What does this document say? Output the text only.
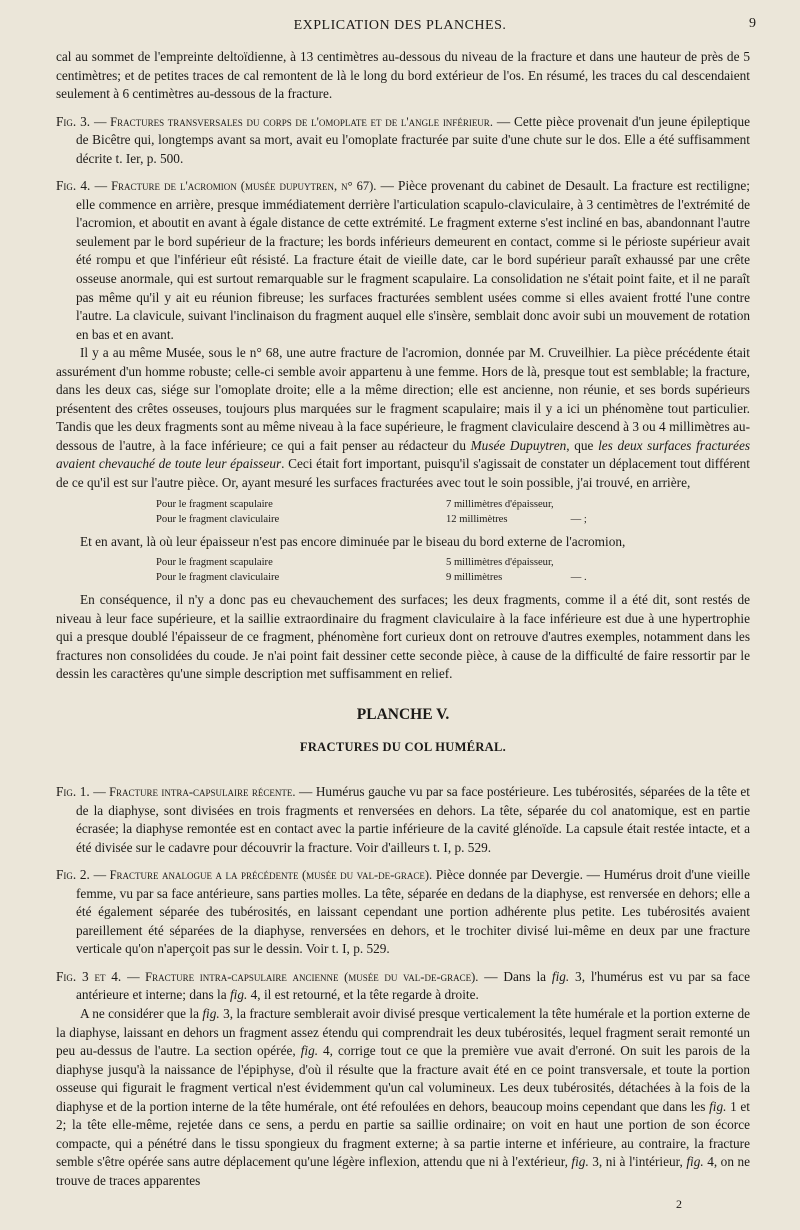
EXPLICATION DES PLANCHES.	9

cal au sommet de l'empreinte deltoïdienne, à 13 centimètres au-dessous du niveau de la fracture et dans une hauteur de près de 5 centimètres; et de petites traces de cal remontent de là le long du bord extérieur de l'os. En résumé, les traces du cal descendaient seulement à 6 centimètres au-dessous de la fracture.

Fig. 3. — Fractures transversales du corps de l'omoplate et de l'angle inférieur. — Cette pièce provenait d'un jeune épileptique de Bicêtre qui, longtemps avant sa mort, avait eu l'omoplate fracturée par suite d'une chute sur le dos. Elle a été suffisamment décrite t. Ier, p. 500.

Fig. 4. — Fracture de l'acromion (musée dupuytren, n° 67). — Pièce provenant du cabinet de Desault. La fracture est rectiligne; elle commence en arrière, presque immédiatement derrière l'articulation scapulo-claviculaire, à 3 centimètres de l'extrémité de l'acromion, et aboutit en avant à égale distance de cette extrémité. Le fragment externe s'est incliné en bas, abandonnant l'autre seulement par le bord supérieur de la fracture; les bords inférieurs demeurent en contact, comme si le périoste supérieur avait été rompu et que l'inférieur eût résisté. La fracture était de vieille date, car le bord supérieur paraît exhaussé par une crête osseuse anormale, qui est surtout remarquable sur le fragment scapulaire. La consolidation ne s'était point faite, et il ne paraît pas même qu'il y ait eu réunion fibreuse; les surfaces fracturées semblent usées comme si elles avaient frotté l'une contre l'autre. La clavicule, suivant l'inclinaison du fragment auquel elle s'insère, semblait donc avoir subi un mouvement de rotation en bas et en avant.

Il y a au même Musée, sous le n° 68, une autre fracture de l'acromion, donnée par M. Cruveilhier. La pièce précédente était assurément d'un homme robuste; celle-ci semble avoir appartenu à une femme. Hors de là, presque tout est semblable; la fracture, dans les deux cas, siége sur l'omoplate droite; elle a la même direction; elle est ancienne, non réunie, et ses bords supérieurs présentent des crêtes osseuses, toujours plus marquées sur le fragment scapulaire; mais il y a ici un phénomène tout particulier. Tandis que les deux fragments sont au même niveau à la face supérieure, le fragment claviculaire descend à 3 ou 4 millimètres au-dessous de l'autre, à la face inférieure; ce qui a fait penser au rédacteur du Musée Dupuytren, que les deux surfaces fracturées avaient chevauché de toute leur épaisseur. Ceci était fort important, puisqu'il s'agissait de constater un déplacement tout différent de ce qu'il est sur l'autre pièce. Or, ayant mesuré les surfaces fracturées avec tout le soin possible, j'ai trouvé, en arrière,

Pour le fragment scapulaire	7 millimètres d'épaisseur,	
Pour le fragment claviculaire	12 millimètres	— ;

Et en avant, là où leur épaisseur n'est pas encore diminuée par le biseau du bord externe de l'acromion,

Pour le fragment scapulaire	5 millimètres d'épaisseur,	
Pour le fragment claviculaire	9 millimètres	— .

En conséquence, il n'y a donc pas eu chevauchement des surfaces; les deux fragments, comme il a été dit, sont restés de niveau à leur face supérieure, et la saillie extraordinaire du fragment claviculaire à la face inférieure est due à une hypertrophie qui a presque doublé l'épaisseur de ce fragment, phénomène fort curieux dont on retrouve d'autres exemples, notamment dans les fractures non consolidées du coude. Je n'ai point fait dessiner cette seconde pièce, à cause de la difficulté de faire ressortir par le dessin les caractères qu'une simple description met suffisamment en relief.

PLANCHE V.
FRACTURES DU COL HUMÉRAL.

Fig. 1. — Fracture intra-capsulaire récente. — Humérus gauche vu par sa face postérieure. Les tubérosités, séparées de la tête et de la diaphyse, sont divisées en trois fragments et renversées en dehors. La tête, séparée du col anatomique, est en partie écrasée; la diaphyse remontée est en contact avec la partie inférieure de la cavité glénoïde. La capsule était restée intacte, et a été divisée sur le cadavre pour découvrir la fracture. Voir d'ailleurs t. I, p. 529.

Fig. 2. — Fracture analogue a la précédente (musée du val-de-grace). Pièce donnée par Devergie. — Humérus droit d'une vieille femme, vu par sa face antérieure, sans parties molles. La tête, séparée en dedans de la diaphyse, est renversée en dehors; elle a été également séparée des tubérosités, en laissant cependant une portion adhérente plus petite. Les tubérosités avaient pareillement été séparées de la diaphyse, renversées en dehors, et le trochiter divisé lui-même en deux par une fracture verticale qu'on n'aperçoit pas sur le dessin. Voir t. I, p. 529.

Fig. 3 et 4. — Fracture intra-capsulaire ancienne (musée du val-de-grace). — Dans la fig. 3, l'humérus est vu par sa face antérieure et interne; dans la fig. 4, il est retourné, et la tête regarde à droite.

A ne considérer que la fig. 3, la fracture semblerait avoir divisé presque verticalement la tête humérale et la portion externe de la diaphyse, laissant en dehors un fragment assez étendu qui comprendrait les deux tubérosités, lequel fragment serait remonté un peu au-dessus de l'autre. La section opérée, fig. 4, corrige tout ce que la première vue avait d'erroné. On suit les parois de la diaphyse jusqu'à la naissance de l'épiphyse, d'où il résulte que la fracture avait été en ce point transversale, et toute la portion osseuse qui figurait le fragment vertical n'est évidemment qu'un cal volumineux. Les deux tubérosités, détachées à la fois de la diaphyse et de la portion interne de la tête humérale, ont été refoulées en dehors, beaucoup moins cependant que dans les fig. 1 et 2; la tête elle-même, rejetée dans ce sens, a perdu en partie sa saillie ordinaire; on voit en haut une portion de son écorce compacte, qui a pénétré dans le tissu spongieux du fragment externe; à sa partie interne et inférieure, au contraire, la fracture semble s'être opérée sans autre déplacement qu'une légère inflexion, attendu que ni à l'extérieur, fig. 3, ni à l'intérieur, fig. 4, on ne trouve de traces apparentes

2
